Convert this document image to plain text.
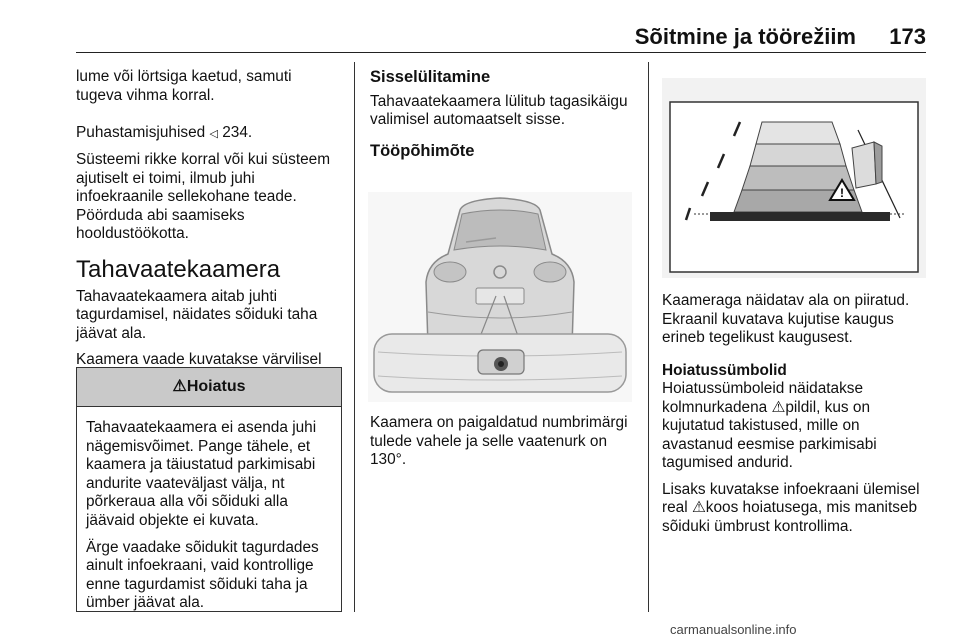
Sõitmine ja töörežiim 173

lume või lörtsiga kaetud, samuti tugeva vihma korral.

Puhastamisjuhised ◁ 234.

Süsteemi rikke korral või kui süsteem ajutiselt ei toimi, ilmub juhi infoekraanile sellekohane teade. Pöörduda abi saamiseks hooldustöökotta.

Tahavaatekaamera

Tahavaatekaamera aitab juhti tagurdamisel, näidates sõiduki taha jäävat ala.

Kaamera vaade kuvatakse värvilisel

⚠Hoiatus

Tahavaatekaamera ei asenda juhi nägemisvõimet. Pange tähele, et kaamera ja täiustatud parkimisabi andurite vaateväljast välja, nt põrkeraua alla või sõiduki alla jäävaid objekte ei kuvata.

Ärge vaadake sõidukit tagurdades ainult infoekraani, vaid kontrollige enne tagurdamist sõiduki taha ja ümber jäävat ala.

Sisselülitamine

Tahavaatekaamera lülitub tagasikäigu valimisel automaatselt sisse.

Tööpõhimõte

Kaamera on paigaldatud numbrimärgi tulede vahele ja selle vaatenurk on 130°.

!

Kaameraga näidatav ala on piiratud. Ekraanil kuvatava kujutise kaugus erineb tegelikust kaugusest.

Hoiatussümbolid

Hoiatussümboleid näidatakse kolmnurkadena ⚠pildil, kus on kujutatud takistused, mille on avastanud eesmise parkimisabi tagumised andurid.

Lisaks kuvatakse infoekraani ülemisel real ⚠koos hoiatusega, mis manitseb sõiduki ümbrust kontrollima.

carmanualsonline.info
